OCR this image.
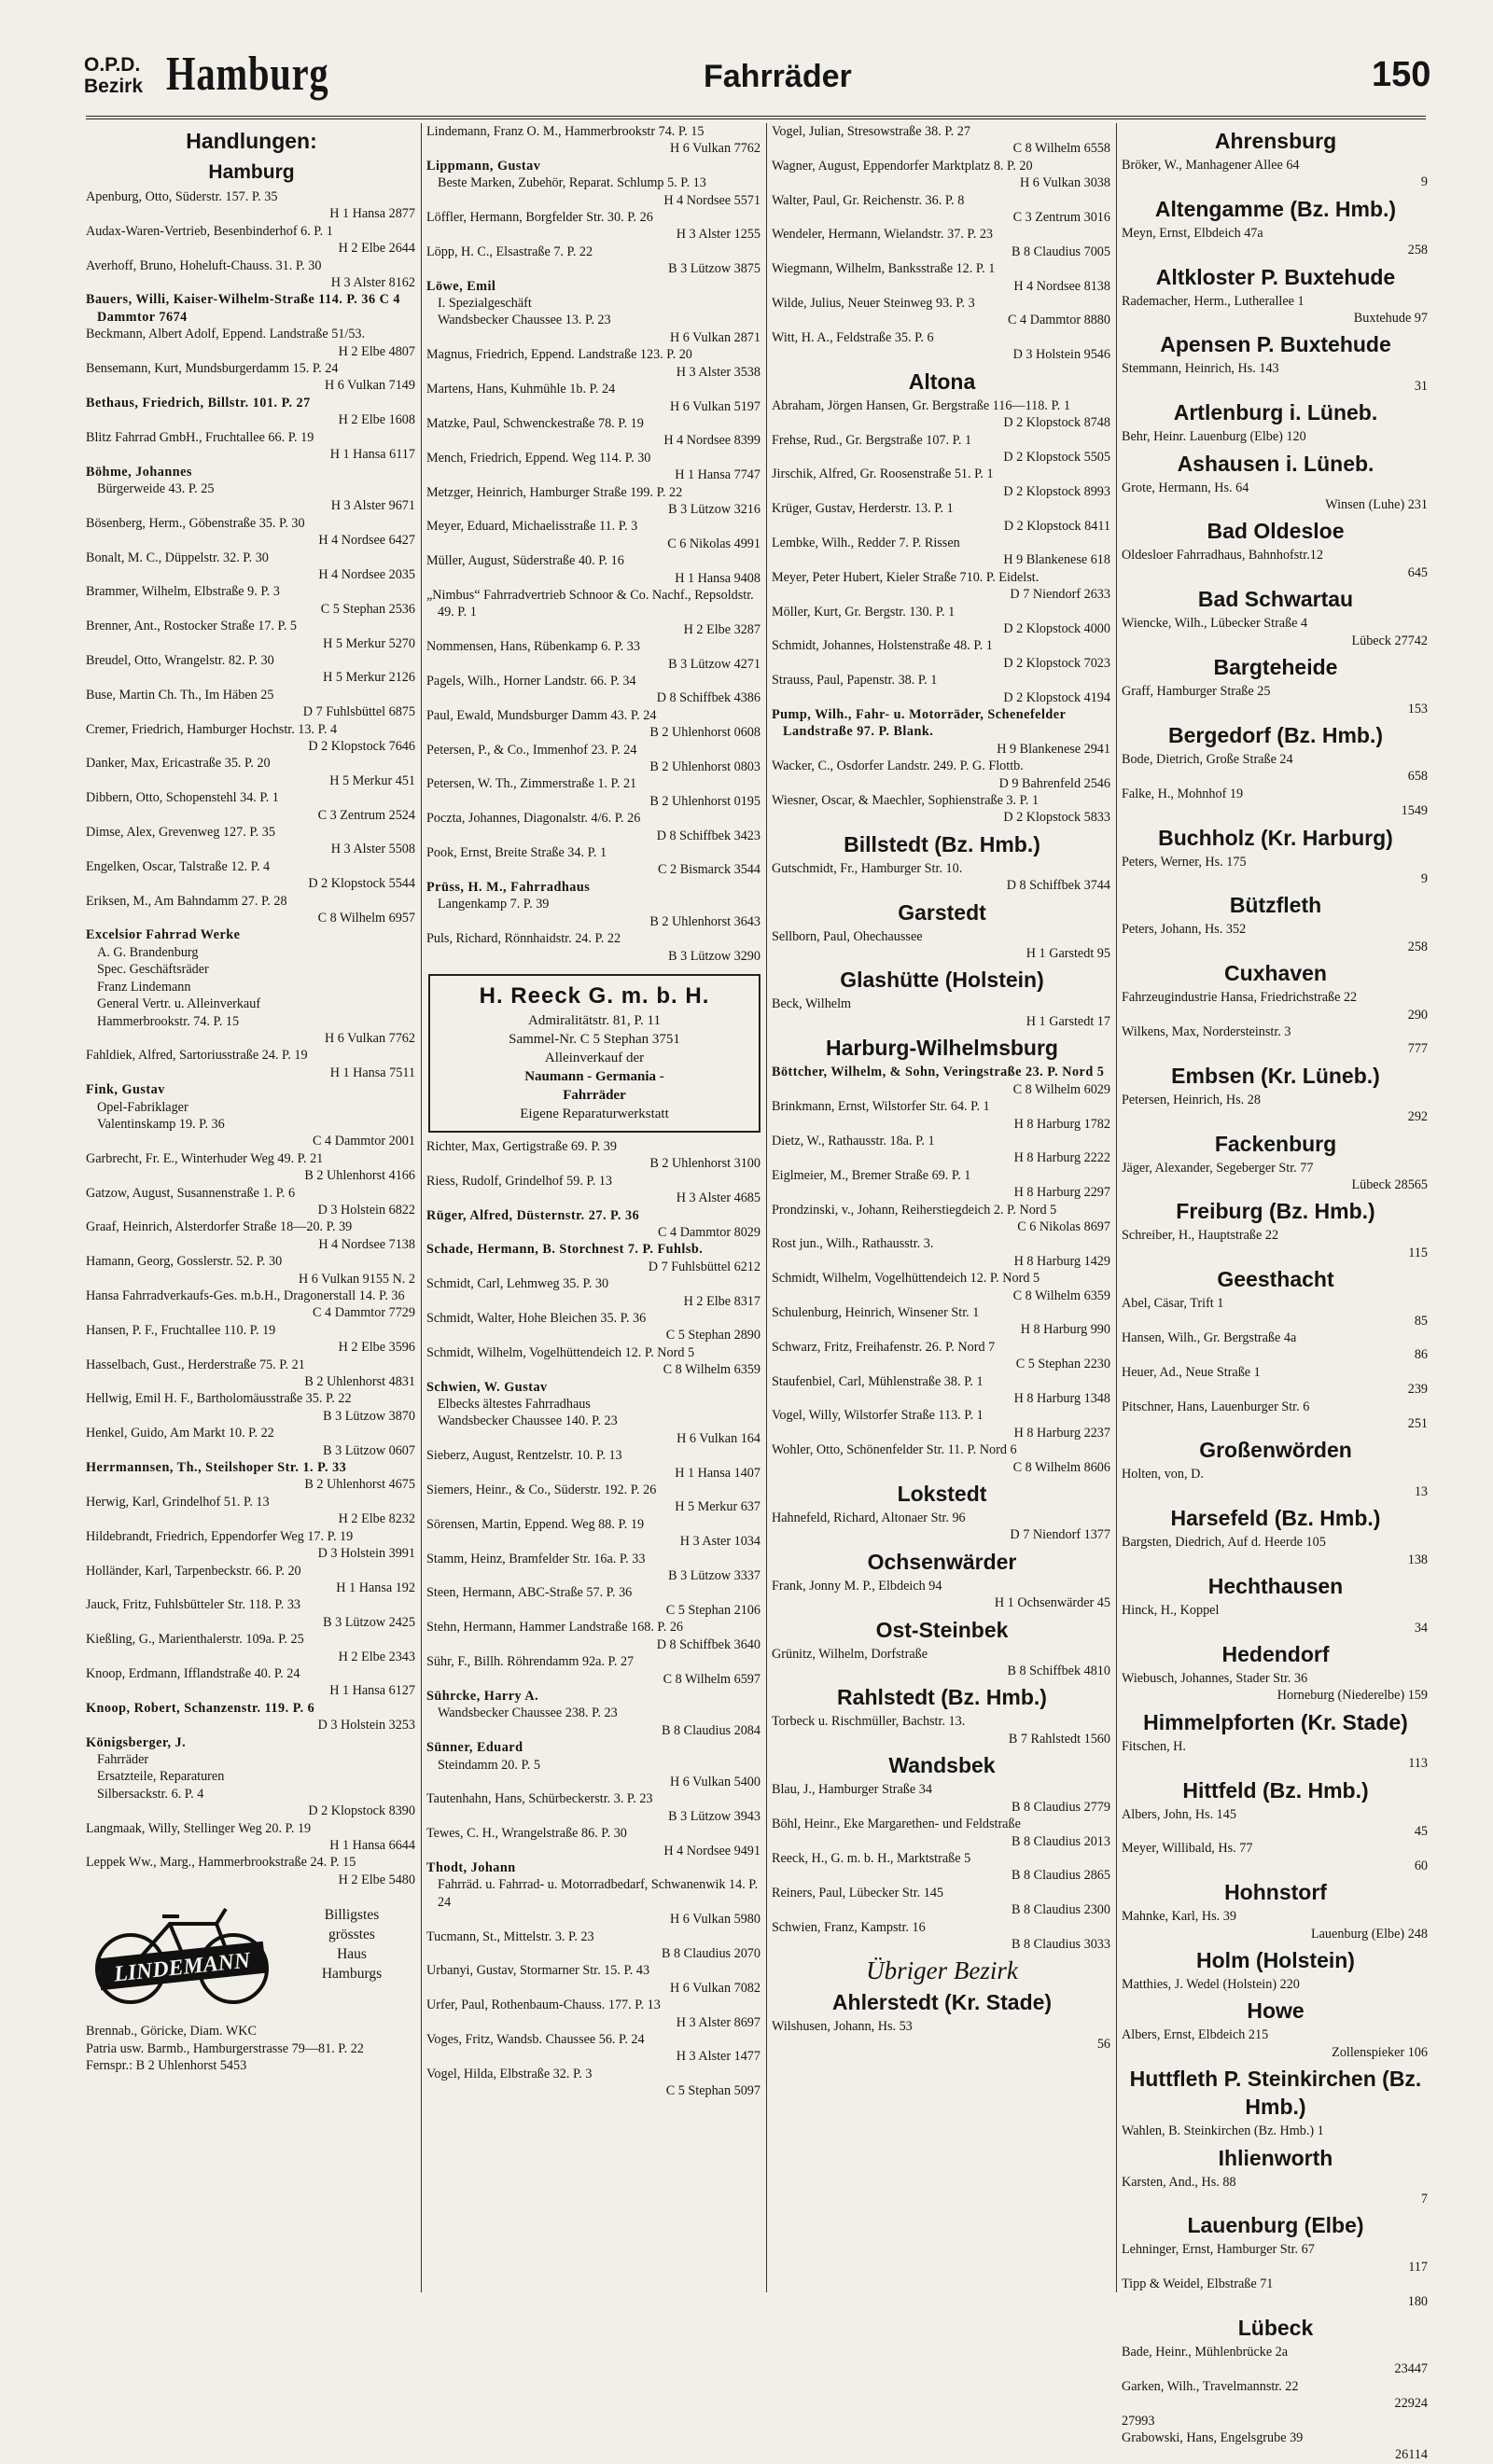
O.P.D.
Bezirk Hamburg	Fahrräder	150
Handlungen:
Hamburg
Apenburg, Otto, Süderstr. 157. P. 35
H 1 Hansa 2877
Audax-Waren-Vertrieb, Besenbinderhof 6. P. 1
H 2 Elbe 2644
Averhoff, Bruno, Hoheluft-Chauss. 31. P. 30
H 3 Alster 8162
Bauers, Willi, Kaiser-Wilhelm-Straße 114. P. 36 C 4 Dammtor 7674
Beckmann, Albert Adolf, Eppend. Landstraße 51/53.
H 2 Elbe 4807
Bensemann, Kurt, Mundsburgerdamm 15. P. 24
H 6 Vulkan 7149
Bethaus, Friedrich, Billstr. 101. P. 27
H 2 Elbe 1608
Blitz Fahrrad GmbH., Fruchtallee 66. P. 19
H 1 Hansa 6117
Böhme, Johannes
Bürgerweide 43. P. 25
H 3 Alster 9671
Bösenberg, Herm., Göbenstraße 35. P. 30
H 4 Nordsee 6427
Bonalt, M. C., Düppelstr. 32. P. 30
H 4 Nordsee 2035
Brammer, Wilhelm, Elbstraße 9. P. 3
C 5 Stephan 2536
Brenner, Ant., Rostocker Straße 17. P. 5
H 5 Merkur 5270
Breudel, Otto, Wrangelstr. 82. P. 30
H 5 Merkur 2126
Buse, Martin Ch. Th., Im Häben 25
D 7 Fuhlsbüttel 6875
Cremer, Friedrich, Hamburger Hochstr. 13. P. 4
D 2 Klopstock 7646
Danker, Max, Ericastraße 35. P. 20
H 5 Merkur 451
Dibbern, Otto, Schopenstehl 34. P. 1
C 3 Zentrum 2524
Dimse, Alex, Grevenweg 127. P. 35
H 3 Alster 5508
Engelken, Oscar, Talstraße 12. P. 4
D 2 Klopstock 5544
Eriksen, M., Am Bahndamm 27. P. 28
C 8 Wilhelm 6957
Excelsior Fahrrad Werke
A. G. Brandenburg
Spec. Geschäftsräder
Franz Lindemann
General Vertr. u. Alleinverkauf
Hammerbrookstr. 74. P. 15
H 6 Vulkan 7762
Fahldiek, Alfred, Sartoriusstraße 24. P. 19
H 1 Hansa 7511
Fink, Gustav
Opel-Fabriklager
Valentinskamp 19. P. 36
C 4 Dammtor 2001
Garbrecht, Fr. E., Winterhuder Weg 49. P. 21
B 2 Uhlenhorst 4166
Gatzow, August, Susannenstraße 1. P. 6
D 3 Holstein 6822
Graaf, Heinrich, Alsterdorfer Straße 18—20. P. 39
H 4 Nordsee 7138
Hamann, Georg, Gosslerstr. 52. P. 30
H 6 Vulkan 9155 N. 2
Hansa Fahrradverkaufs-Ges. m.b.H., Dragonerstall 14. P. 36
C 4 Dammtor 7729
Hansen, P. F., Fruchtallee 110. P. 19
H 2 Elbe 3596
Hasselbach, Gust., Herderstraße 75. P. 21
B 2 Uhlenhorst 4831
Hellwig, Emil H. F., Bartholomäusstraße 35. P. 22
B 3 Lützow 3870
Henkel, Guido, Am Markt 10. P. 22
B 3 Lützow 0607
Herrmannsen, Th., Steilshoper Str. 1. P. 33
B 2 Uhlenhorst 4675
Herwig, Karl, Grindelhof 51. P. 13
H 2 Elbe 8232
Hildebrandt, Friedrich, Eppendorfer Weg 17. P. 19
D 3 Holstein 3991
Holländer, Karl, Tarpenbeckstr. 66. P. 20
H 1 Hansa 192
Jauck, Fritz, Fuhlsbütteler Str. 118. P. 33
B 3 Lützow 2425
Kießling, G., Marienthalerstr. 109a. P. 25
H 2 Elbe 2343
Knoop, Erdmann, Ifflandstraße 40. P. 24
H 1 Hansa 6127
Knoop, Robert, Schanzenstr. 119. P. 6
D 3 Holstein 3253
Königsberger, J.
Fahrräder
Ersatzteile, Reparaturen
Silbersackstr. 6. P. 4
D 2 Klopstock 8390
Langmaak, Willy, Stellinger Weg 20. P. 19
H 1 Hansa 6644
Leppek Ww., Marg., Hammerbrookstraße 24. P. 15
H 2 Elbe 5480
LINDEMANN
Billigstes
grösstes
Haus
Hamburgs
Brennab., Göricke, Diam. WKC
Patria usw. Barmb., Hamburgerstrasse 79—81. P. 22
Fernspr.: B 2 Uhlenhorst 5453
Lindemann, Franz O. M., Hammerbrookstr 74. P. 15
H 6 Vulkan 7762
Lippmann, Gustav
Beste Marken, Zubehör, Reparat. Schlump 5. P. 13
H 4 Nordsee 5571
Löffler, Hermann, Borgfelder Str. 30. P. 26
H 3 Alster 1255
Löpp, H. C., Elsastraße 7. P. 22
B 3 Lützow 3875
Löwe, Emil
I. Spezialgeschäft
Wandsbecker Chaussee 13. P. 23
H 6 Vulkan 2871
Magnus, Friedrich, Eppend. Landstraße 123. P. 20
H 3 Alster 3538
Martens, Hans, Kuhmühle 1b. P. 24
H 6 Vulkan 5197
Matzke, Paul, Schwenckestraße 78. P. 19
H 4 Nordsee 8399
Mench, Friedrich, Eppend. Weg 114. P. 30
H 1 Hansa 7747
Metzger, Heinrich, Hamburger Straße 199. P. 22
B 3 Lützow 3216
Meyer, Eduard, Michaelisstraße 11. P. 3
C 6 Nikolas 4991
Müller, August, Süderstraße 40. P. 16
H 1 Hansa 9408
„Nimbus“ Fahrradvertrieb Schnoor & Co. Nachf., Repsoldstr. 49. P. 1
H 2 Elbe 3287
Nommensen, Hans, Rübenkamp 6. P. 33
B 3 Lützow 4271
Pagels, Wilh., Horner Landstr. 66. P. 34
D 8 Schiffbek 4386
Paul, Ewald, Mundsburger Damm 43. P. 24
B 2 Uhlenhorst 0608
Petersen, P., & Co., Immenhof 23. P. 24
B 2 Uhlenhorst 0803
Petersen, W. Th., Zimmerstraße 1. P. 21
B 2 Uhlenhorst 0195
Poczta, Johannes, Diagonalstr. 4/6. P. 26
D 8 Schiffbek 3423
Pook, Ernst, Breite Straße 34. P. 1
C 2 Bismarck 3544
Prüss, H. M., Fahrradhaus
Langenkamp 7. P. 39
B 2 Uhlenhorst 3643
Puls, Richard, Rönnhaidstr. 24. P. 22
B 3 Lützow 3290
H. Reeck G. m. b. H.
Admiralitätstr. 81, P. 11
Sammel-Nr. C 5 Stephan 3751
Alleinverkauf der
Naumann - Germania -
Fahrräder
Eigene Reparaturwerkstatt
Richter, Max, Gertigstraße 69. P. 39
B 2 Uhlenhorst 3100
Riess, Rudolf, Grindelhof 59. P. 13
H 3 Alster 4685
Rüger, Alfred, Düsternstr. 27. P. 36
C 4 Dammtor 8029
Schade, Hermann, B. Storchnest 7. P. Fuhlsb.
D 7 Fuhlsbüttel 6212
Schmidt, Carl, Lehmweg 35. P. 30
H 2 Elbe 8317
Schmidt, Walter, Hohe Bleichen 35. P. 36
C 5 Stephan 2890
Schmidt, Wilhelm, Vogelhüttendeich 12. P. Nord 5
C 8 Wilhelm 6359
Schwien, W. Gustav
Elbecks ältestes Fahrradhaus
Wandsbecker Chaussee 140. P. 23
H 6 Vulkan 164
Sieberz, August, Rentzelstr. 10. P. 13
H 1 Hansa 1407
Siemers, Heinr., & Co., Süderstr. 192. P. 26
H 5 Merkur 637
Sörensen, Martin, Eppend. Weg 88. P. 19
H 3 Aster 1034
Stamm, Heinz, Bramfelder Str. 16a. P. 33
B 3 Lützow 3337
Steen, Hermann, ABC-Straße 57. P. 36
C 5 Stephan 2106
Stehn, Hermann, Hammer Landstraße 168. P. 26
D 8 Schiffbek 3640
Sühr, F., Billh. Röhrendamm 92a. P. 27
C 8 Wilhelm 6597
Sührcke, Harry A.
Wandsbecker Chaussee 238. P. 23
B 8 Claudius 2084
Sünner, Eduard
Steindamm 20. P. 5
H 6 Vulkan 5400
Tautenhahn, Hans, Schürbeckerstr. 3. P. 23
B 3 Lützow 3943
Tewes, C. H., Wrangelstraße 86. P. 30
H 4 Nordsee 9491
Thodt, Johann
Fahrräd. u. Fahrrad- u. Motorradbedarf, Schwanenwik 14. P. 24
H 6 Vulkan 5980
Tucmann, St., Mittelstr. 3. P. 23
B 8 Claudius 2070
Urbanyi, Gustav, Stormarner Str. 15. P. 43
H 6 Vulkan 7082
Urfer, Paul, Rothenbaum-Chauss. 177. P. 13
H 3 Alster 8697
Voges, Fritz, Wandsb. Chaussee 56. P. 24
H 3 Alster 1477
Vogel, Hilda, Elbstraße 32. P. 3
C 5 Stephan 5097
Vogel, Julian, Stresowstraße 38. P. 27
C 8 Wilhelm 6558
Wagner, August, Eppendorfer Marktplatz 8. P. 20
H 6 Vulkan 3038
Walter, Paul, Gr. Reichenstr. 36. P. 8
C 3 Zentrum 3016
Wendeler, Hermann, Wielandstr. 37. P. 23
B 8 Claudius 7005
Wiegmann, Wilhelm, Banksstraße 12. P. 1
H 4 Nordsee 8138
Wilde, Julius, Neuer Steinweg 93. P. 3
C 4 Dammtor 8880
Witt, H. A., Feldstraße 35. P. 6
D 3 Holstein 9546
Altona
Abraham, Jörgen Hansen, Gr. Bergstraße 116—118. P. 1
D 2 Klopstock 8748
Frehse, Rud., Gr. Bergstraße 107. P. 1
D 2 Klopstock 5505
Jirschik, Alfred, Gr. Roosenstraße 51. P. 1
D 2 Klopstock 8993
Krüger, Gustav, Herderstr. 13. P. 1
D 2 Klopstock 8411
Lembke, Wilh., Redder 7. P. Rissen
H 9 Blankenese 618
Meyer, Peter Hubert, Kieler Straße 710. P. Eidelst.
D 7 Niendorf 2633
Möller, Kurt, Gr. Bergstr. 130. P. 1
D 2 Klopstock 4000
Schmidt, Johannes, Holstenstraße 48. P. 1
D 2 Klopstock 7023
Strauss, Paul, Papenstr. 38. P. 1
D 2 Klopstock 4194
Pump, Wilh., Fahr- u. Motorräder, Schenefelder Landstraße 97. P. Blank.
H 9 Blankenese 2941
Wacker, C., Osdorfer Landstr. 249. P. G. Flottb.
D 9 Bahrenfeld 2546
Wiesner, Oscar, & Maechler, Sophienstraße 3. P. 1
D 2 Klopstock 5833
Billstedt (Bz. Hmb.)
Gutschmidt, Fr., Hamburger Str. 10.
D 8 Schiffbek 3744
Garstedt
Sellborn, Paul, Ohechaussee
H 1 Garstedt 95
Glashütte (Holstein)
Beck, Wilhelm
H 1 Garstedt 17
Harburg-Wilhelmsburg
Böttcher, Wilhelm, & Sohn, Veringstraße 23. P. Nord 5
C 8 Wilhelm 6029
Brinkmann, Ernst, Wilstorfer Str. 64. P. 1
H 8 Harburg 1782
Dietz, W., Rathausstr. 18a. P. 1
H 8 Harburg 2222
Eiglmeier, M., Bremer Straße 69. P. 1
H 8 Harburg 2297
Prondzinski, v., Johann, Reiherstiegdeich 2. P. Nord 5
C 6 Nikolas 8697
Rost jun., Wilh., Rathausstr. 3.
H 8 Harburg 1429
Schmidt, Wilhelm, Vogelhüttendeich 12. P. Nord 5
C 8 Wilhelm 6359
Schulenburg, Heinrich, Winsener Str. 1
H 8 Harburg 990
Schwarz, Fritz, Freihafenstr. 26. P. Nord 7
C 5 Stephan 2230
Staufenbiel, Carl, Mühlenstraße 38. P. 1
H 8 Harburg 1348
Vogel, Willy, Wilstorfer Straße 113. P. 1
H 8 Harburg 2237
Wohler, Otto, Schönenfelder Str. 11. P. Nord 6
C 8 Wilhelm 8606
Lokstedt
Hahnefeld, Richard, Altonaer Str. 96
D 7 Niendorf 1377
Ochsenwärder
Frank, Jonny M. P., Elbdeich 94
H 1 Ochsenwärder 45
Ost-Steinbek
Grünitz, Wilhelm, Dorfstraße
B 8 Schiffbek 4810
Rahlstedt (Bz. Hmb.)
Torbeck u. Rischmüller, Bachstr. 13.
B 7 Rahlstedt 1560
Wandsbek
Blau, J., Hamburger Straße 34
B 8 Claudius 2779
Böhl, Heinr., Eke Margarethen- und Feldstraße
B 8 Claudius 2013
Reeck, H., G. m. b. H., Marktstraße 5
B 8 Claudius 2865
Reiners, Paul, Lübecker Str. 145
B 8 Claudius 2300
Schwien, Franz, Kampstr. 16
B 8 Claudius 3033
Übriger Bezirk
Ahlerstedt (Kr. Stade)
Wilshusen, Johann, Hs. 53
56
Ahrensburg
Bröker, W., Manhagener Allee 64
9
Altengamme (Bz. Hmb.)
Meyn, Ernst, Elbdeich 47a
258
Altkloster P. Buxtehude
Rademacher, Herm., Lutherallee 1
Buxtehude 97
Apensen P. Buxtehude
Stemmann, Heinrich, Hs. 143
31
Artlenburg i. Lüneb.
Behr, Heinr. Lauenburg (Elbe) 120
Ashausen i. Lüneb.
Grote, Hermann, Hs. 64
Winsen (Luhe) 231
Bad Oldesloe
Oldesloer Fahrradhaus, Bahnhofstr.12
645
Bad Schwartau
Wiencke, Wilh., Lübecker Straße 4
Lübeck 27742
Bargteheide
Graff, Hamburger Straße 25
153
Bergedorf (Bz. Hmb.)
Bode, Dietrich, Große Straße 24
658
Falke, H., Mohnhof 19
1549
Buchholz (Kr. Harburg)
Peters, Werner, Hs. 175
9
Bützfleth
Peters, Johann, Hs. 352
258
Cuxhaven
Fahrzeugindustrie Hansa, Friedrichstraße 22
290
Wilkens, Max, Nordersteinstr. 3
777
Embsen (Kr. Lüneb.)
Petersen, Heinrich, Hs. 28
292
Fackenburg
Jäger, Alexander, Segeberger Str. 77
Lübeck 28565
Freiburg (Bz. Hmb.)
Schreiber, H., Hauptstraße 22
115
Geesthacht
Abel, Cäsar, Trift 1
85
Hansen, Wilh., Gr. Bergstraße 4a
86
Heuer, Ad., Neue Straße 1
239
Pitschner, Hans, Lauenburger Str. 6
251
Großenwörden
Holten, von, D.
13
Harsefeld (Bz. Hmb.)
Bargsten, Diedrich, Auf d. Heerde 105
138
Hechthausen
Hinck, H., Koppel
34
Hedendorf
Wiebusch, Johannes, Stader Str. 36
Horneburg (Niederelbe) 159
Himmelpforten (Kr. Stade)
Fitschen, H.
113
Hittfeld (Bz. Hmb.)
Albers, John, Hs. 145
45
Meyer, Willibald, Hs. 77
60
Hohnstorf
Mahnke, Karl, Hs. 39
Lauenburg (Elbe) 248
Holm (Holstein)
Matthies, J. Wedel (Holstein) 220
Howe
Albers, Ernst, Elbdeich 215
Zollenspieker 106
Huttfleth P. Steinkirchen (Bz. Hmb.)
Wahlen, B. Steinkirchen (Bz. Hmb.) 1
Ihlienworth
Karsten, And., Hs. 88
7
Lauenburg (Elbe)
Lehninger, Ernst, Hamburger Str. 67
117
Tipp & Weidel, Elbstraße 71
180
Lübeck
Bade, Heinr., Mühlenbrücke 2a
23447
Garken, Wilh., Travelmannstr. 22
22924
27993
Grabowski, Hans, Engelsgrube 39
26114
